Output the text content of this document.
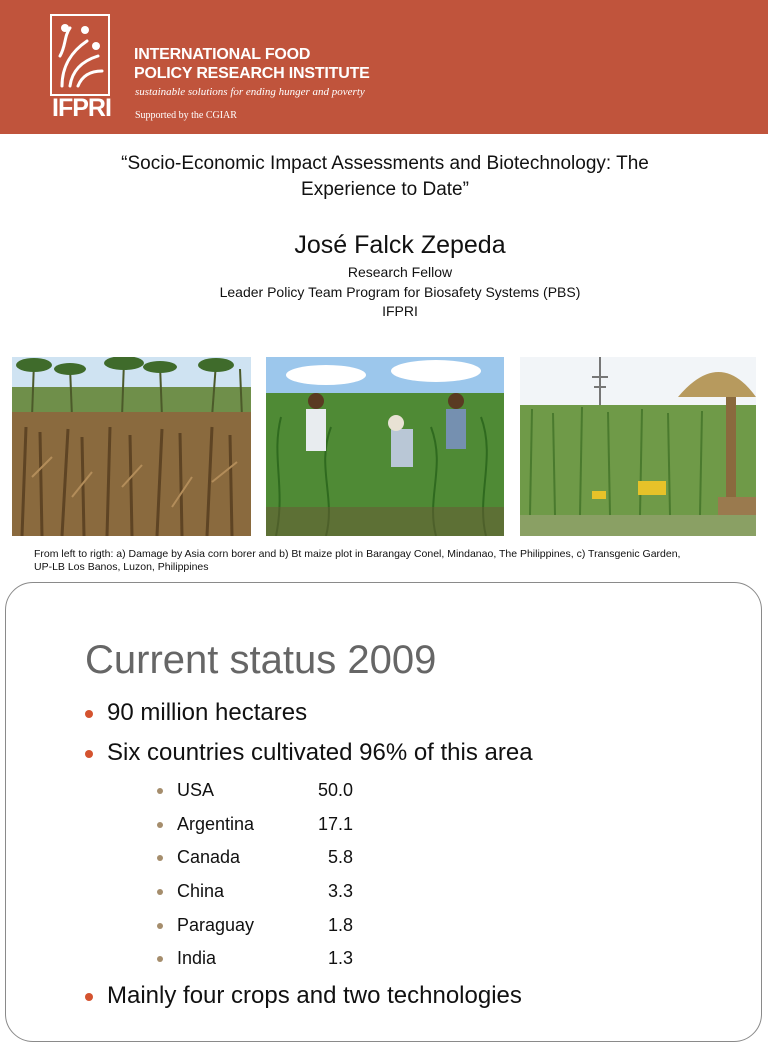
IFPRI
INTERNATIONAL FOOD
POLICY RESEARCH INSTITUTE
sustainable solutions for ending hunger and poverty
Supported by the CGIAR
“Socio-Economic Impact Assessments and Biotechnology: The
Experience to Date”
José Falck Zepeda
Research Fellow
Leader Policy Team Program for Biosafety Systems (PBS)
IFPRI
From left to rigth: a) Damage by Asia corn borer and b) Bt maize plot in Barangay Conel, Mindanao, The Philippines, c) Transgenic Garden,
UP-LB Los Banos, Luzon, Philippines
Current status 2009
90 million hectares
Six countries cultivated 96% of this area
USA	50.0
Argentina	17.1
Canada	5.8
China	3.3
Paraguay	1.8
India	1.3
Mainly four crops and two technologies
